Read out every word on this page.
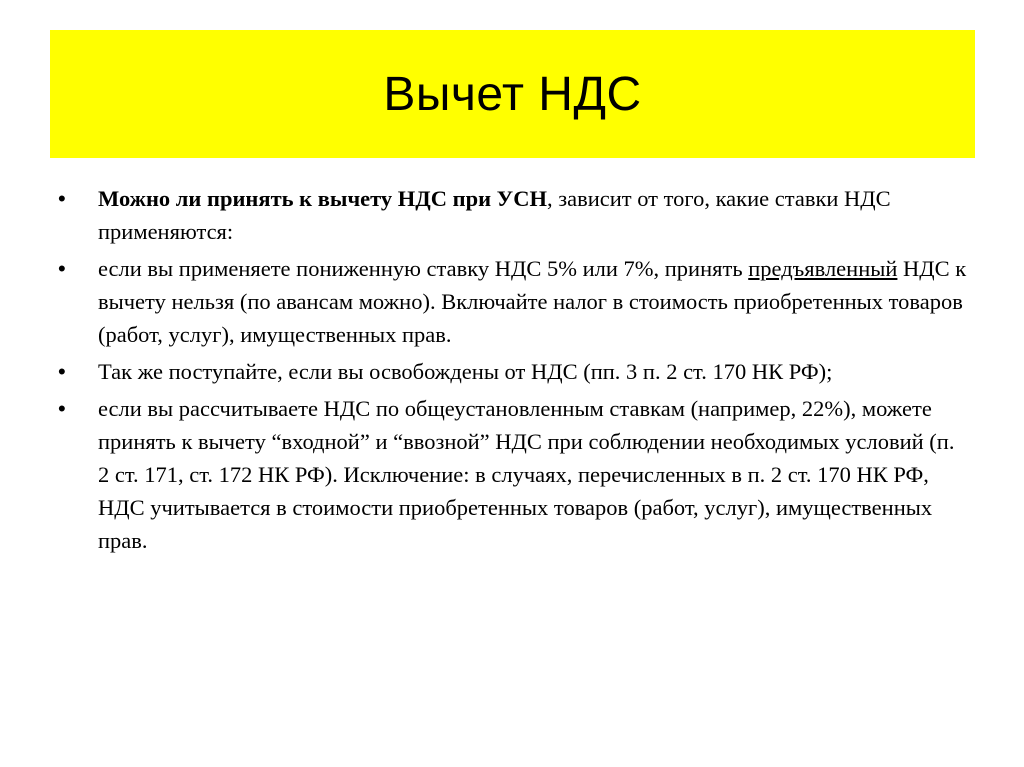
Вычет НДС
• Можно ли принять к вычету НДС при УСН, зависит от того, какие ставки НДС применяются:
• если вы применяете пониженную ставку НДС 5% или 7%, принять предъявленный НДС к вычету нельзя (по авансам можно). Включайте налог в стоимость приобретенных товаров (работ, услуг), имущественных прав.
• Так же поступайте, если вы освобождены от НДС (пп. 3 п. 2 ст. 170 НК РФ);
• если вы рассчитываете НДС по общеустановленным ставкам (например, 22%), можете принять к вычету “входной” и “ввозной” НДС при соблюдении необходимых условий (п. 2 ст. 171, ст. 172 НК РФ). Исключение: в случаях, перечисленных в п. 2 ст. 170 НК РФ, НДС учитывается в стоимости приобретенных товаров (работ, услуг), имущественных прав.
